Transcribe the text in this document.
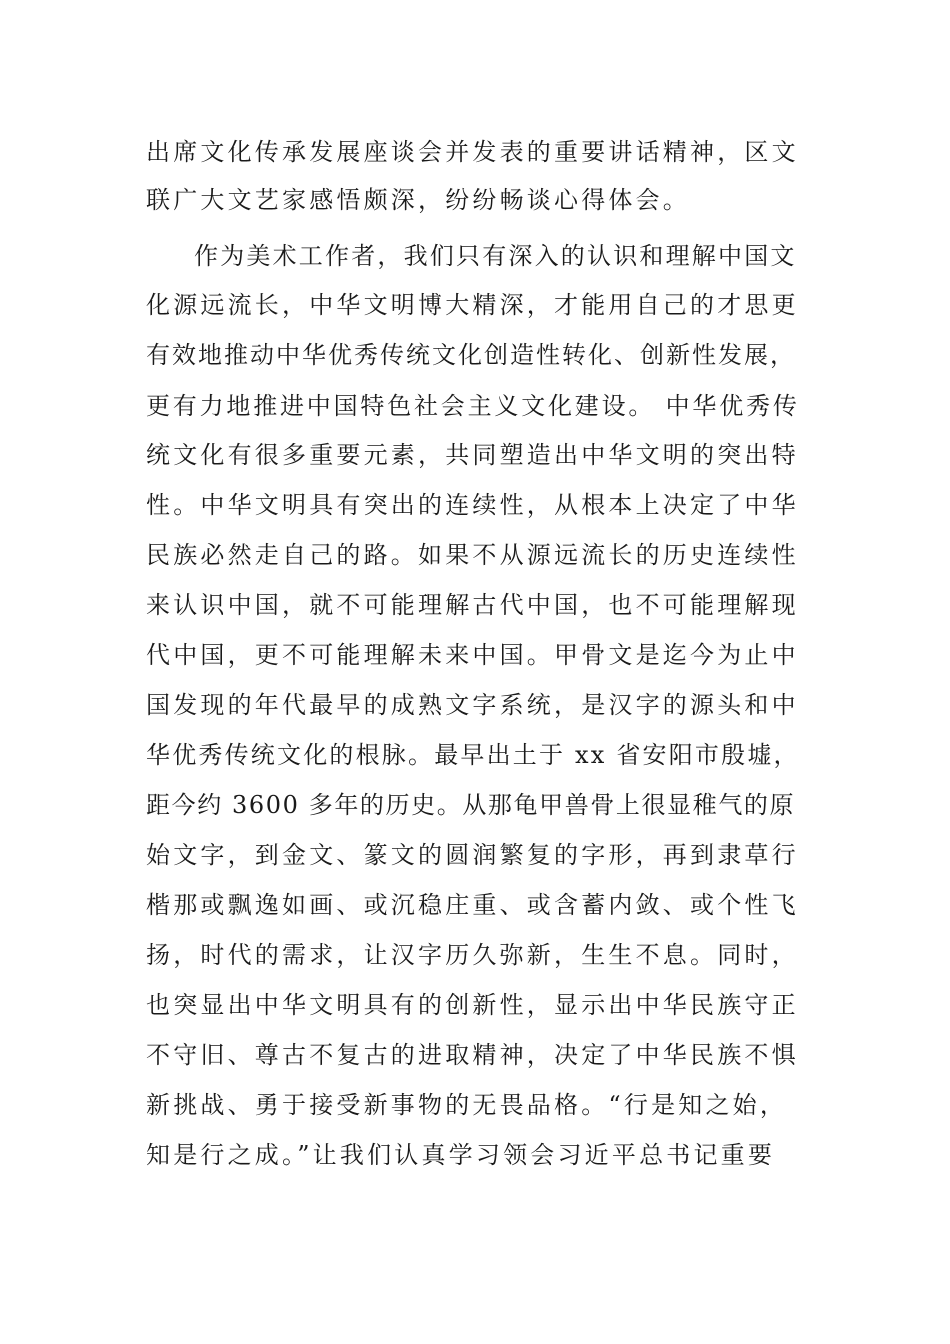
出席文化传承发展座谈会并发表的重要讲话精神，区文

联广大文艺家感悟颇深，纷纷畅谈心得体会。

作为美术工作者，我们只有深入的认识和理解中国文

化源远流长，中华文明博大精深，才能用自己的才思更

有效地推动中华优秀传统文化创造性转化、创新性发展，

更有力地推进中国特色社会主义文化建设。 中华优秀传

统文化有很多重要元素，共同塑造出中华文明的突出特

性。中华文明具有突出的连续性，从根本上决定了中华

民族必然走自己的路。如果不从源远流长的历史连续性

来认识中国，就不可能理解古代中国，也不可能理解现

代中国，更不可能理解未来中国。甲骨文是迄今为止中

国发现的年代最早的成熟文字系统，是汉字的源头和中

华优秀传统文化的根脉。最早出土于 xx 省安阳市殷墟，

距今约 3600 多年的历史。从那龟甲兽骨上很显稚气的原

始文字，到金文、篆文的圆润繁复的字形，再到隶草行

楷那或飘逸如画、或沉稳庄重、或含蓄内敛、或个性飞

扬，时代的需求，让汉字历久弥新，生生不息。同时，

也突显出中华文明具有的创新性，显示出中华民族守正

不守旧、尊古不复古的进取精神，决定了中华民族不惧

新挑战、勇于接受新事物的无畏品格。“行是知之始，

知是行之成。”让我们认真学习领会习近平总书记重要
